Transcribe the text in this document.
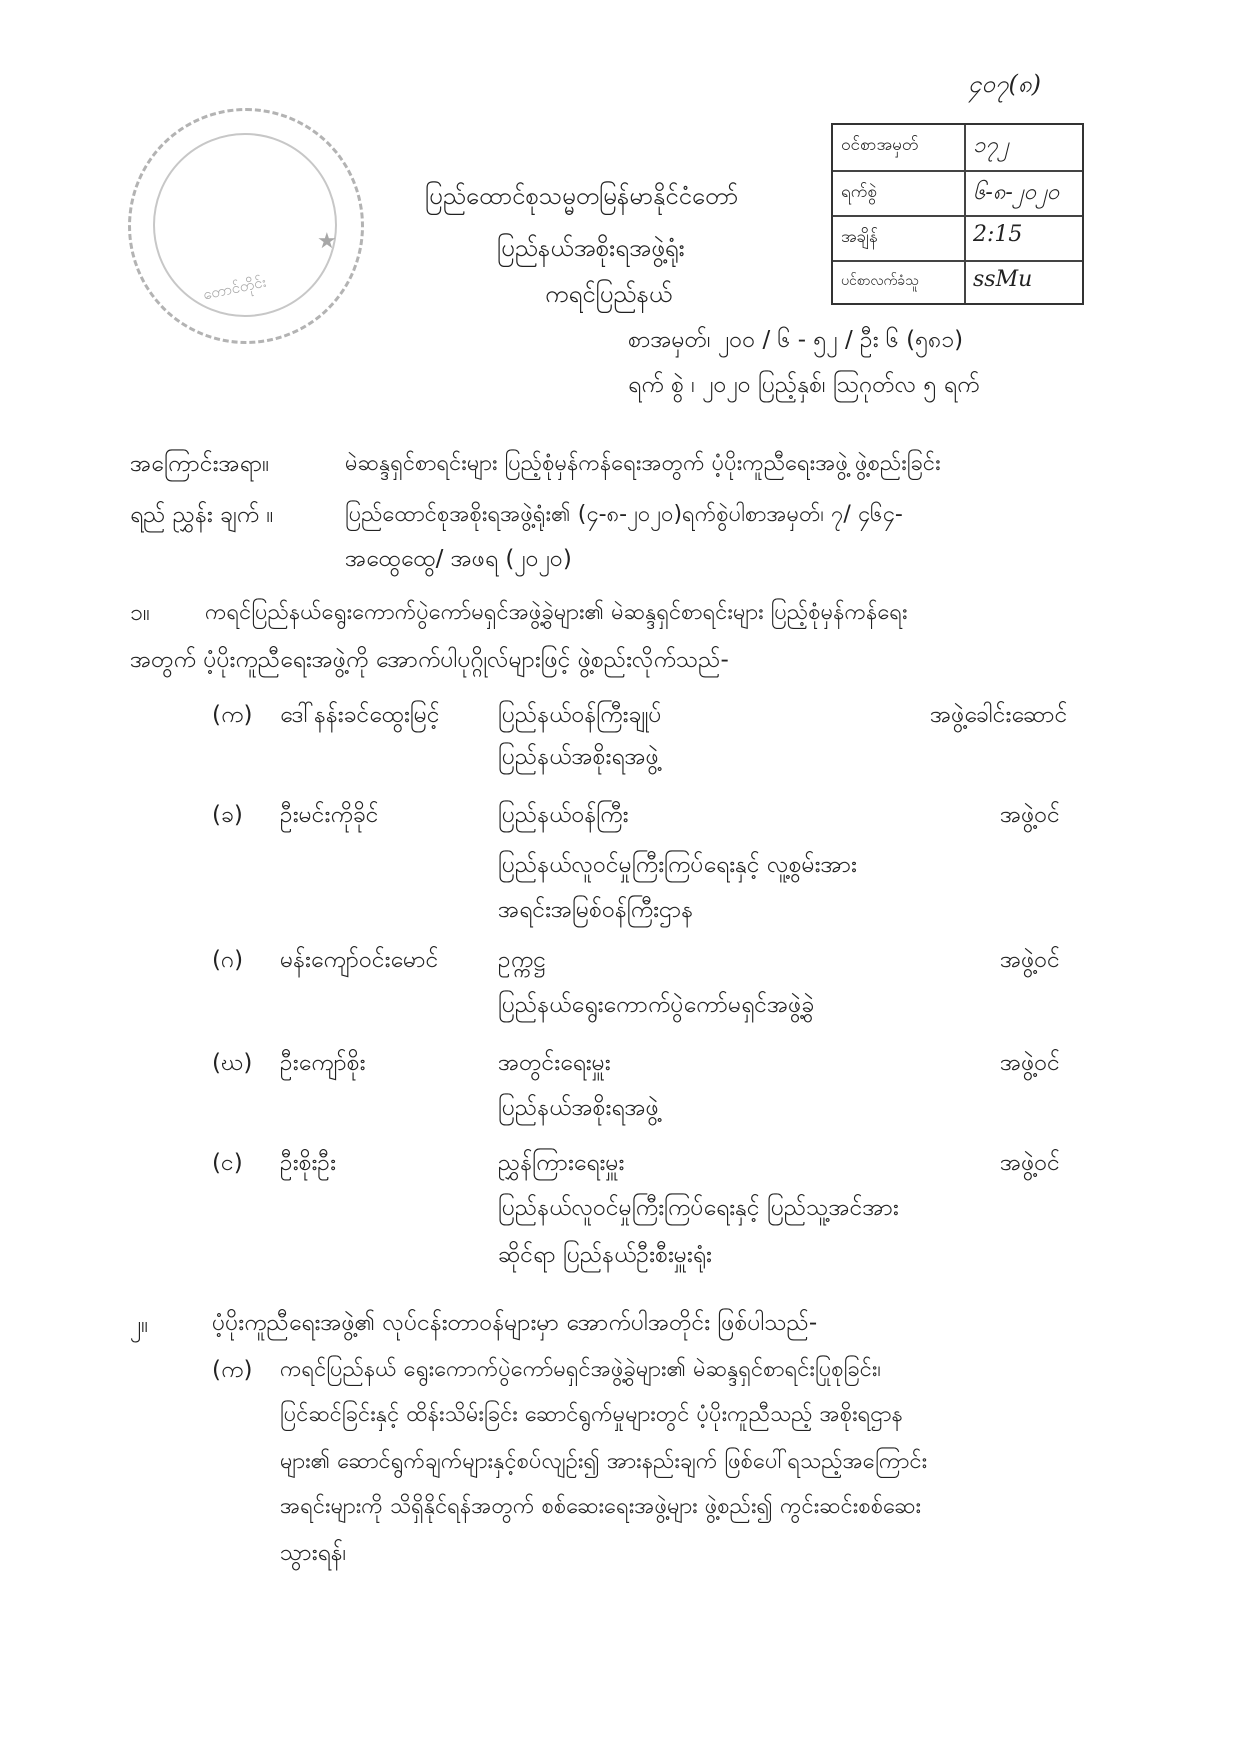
၄၀၇(၈)
★
တောင်တိုင်း
ပြည်ထောင်စုသမ္မတမြန်မာနိုင်ငံတော်
ပြည်နယ်အစိုးရအဖွဲ့ရုံး
ကရင်ပြည်နယ်
ဝင်စာအမှတ် ၁၇၂
ရက်စွဲ	၆-၈-၂၀၂၀
အချိန်	2:15
ပင်စာလက်ခံသူ ssMu
စာအမှတ်၊ ၂၀၀ / ၆ - ၅၂ / ဦး ၆ (၅၈၁)
ရက် စွဲ ၊ ၂၀၂၀ ပြည့်နှစ်၊ ဩဂုတ်လ ၅ ရက်
အကြောင်းအရာ။	မဲဆန္ဒရှင်စာရင်းများ ပြည့်စုံမှန်ကန်ရေးအတွက် ပံ့ပိုးကူညီရေးအဖွဲ့ ဖွဲ့စည်းခြင်း
ရည် ညွှန်း ချက် ။	ပြည်ထောင်စုအစိုးရအဖွဲ့ရုံး၏ (၄-၈-၂၀၂၀)ရက်စွဲပါစာအမှတ်၊ ၇/ ၄၆၄-
အထွေထွေ/ အဖရ (၂၀၂၀)
၁။	ကရင်ပြည်နယ်ရွေးကောက်ပွဲကော်မရှင်အဖွဲ့ခွဲများ၏ မဲဆန္ဒရှင်စာရင်းများ ပြည့်စုံမှန်ကန်ရေး
အတွက် ပံ့ပိုးကူညီရေးအဖွဲ့ကို အောက်ပါပုဂ္ဂိုလ်များဖြင့် ဖွဲ့စည်းလိုက်သည်-
(က) ဒေါ်နန်းခင်ထွေးမြင့်	ပြည်နယ်ဝန်ကြီးချုပ်
ပြည်နယ်အစိုးရအဖွဲ့
အဖွဲ့ခေါင်းဆောင်
(ခ) ဦးမင်းကိုခိုင်	ပြည်နယ်ဝန်ကြီး
ပြည်နယ်လူဝင်မှုကြီးကြပ်ရေးနှင့် လူ့စွမ်းအား
အရင်းအမြစ်ဝန်ကြီးဌာန
အဖွဲ့ဝင်
(ဂ) မန်းကျော်ဝင်းမောင်	ဥက္ကဋ္ဌ
ပြည်နယ်ရွေးကောက်ပွဲကော်မရှင်အဖွဲ့ခွဲ
အဖွဲ့ဝင်
(ဃ) ဦးကျော်စိုး	အတွင်းရေးမှူး
ပြည်နယ်အစိုးရအဖွဲ့
အဖွဲ့ဝင်
(င) ဦးစိုးဦး	ညွှန်ကြားရေးမှူး
ပြည်နယ်လူဝင်မှုကြီးကြပ်ရေးနှင့် ပြည်သူ့အင်အား
ဆိုင်ရာ ပြည်နယ်ဦးစီးမှူးရုံး
အဖွဲ့ဝင်
၂။	ပံ့ပိုးကူညီရေးအဖွဲ့၏ လုပ်ငန်းတာဝန်များမှာ အောက်ပါအတိုင်း ဖြစ်ပါသည်-
(က) ကရင်ပြည်နယ် ရွေးကောက်ပွဲကော်မရှင်အဖွဲ့ခွဲများ၏ မဲဆန္ဒရှင်စာရင်းပြုစုခြင်း၊
ပြင်ဆင်ခြင်းနှင့် ထိန်းသိမ်းခြင်း ဆောင်ရွက်မှုများတွင် ပံ့ပိုးကူညီသည့် အစိုးရဌာန
များ၏ ဆောင်ရွက်ချက်များနှင့်စပ်လျဉ်း၍ အားနည်းချက် ဖြစ်ပေါ်ရသည့်အကြောင်း
အရင်းများကို သိရှိနိုင်ရန်အတွက် စစ်ဆေးရေးအဖွဲ့များ ဖွဲ့စည်း၍ ကွင်းဆင်းစစ်ဆေး
သွားရန်၊
